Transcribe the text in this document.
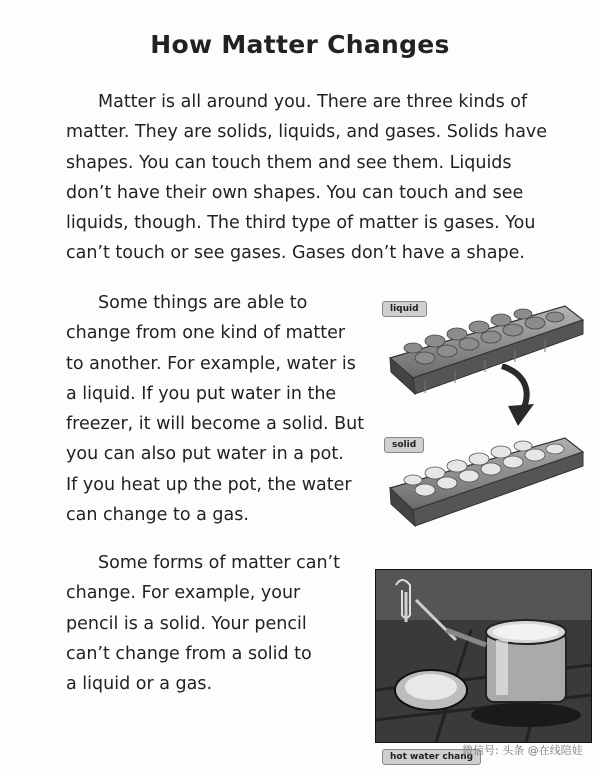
How Matter Changes
Matter is all around you. There are three kinds of
matter. They are solids, liquids, and gases. Solids have
shapes. You can touch them and see them. Liquids
don’t have their own shapes. You can touch and see
liquids, though. The third type of matter is gases. You
can’t touch or see gases. Gases don’t have a shape.
Some things are able to
change from one kind of matter
to another. For example, water is
a liquid. If you put water in the
freezer, it will become a solid. But
you can also put water in a pot.
If you heat up the pot, the water
can change to a gas.
Some forms of matter can’t
change. For example, your
pencil is a solid. Your pencil
can’t change from a solid to
a liquid or a gas.
liquid
solid
hot water chang
微信号: 头条 @在线陪娃
